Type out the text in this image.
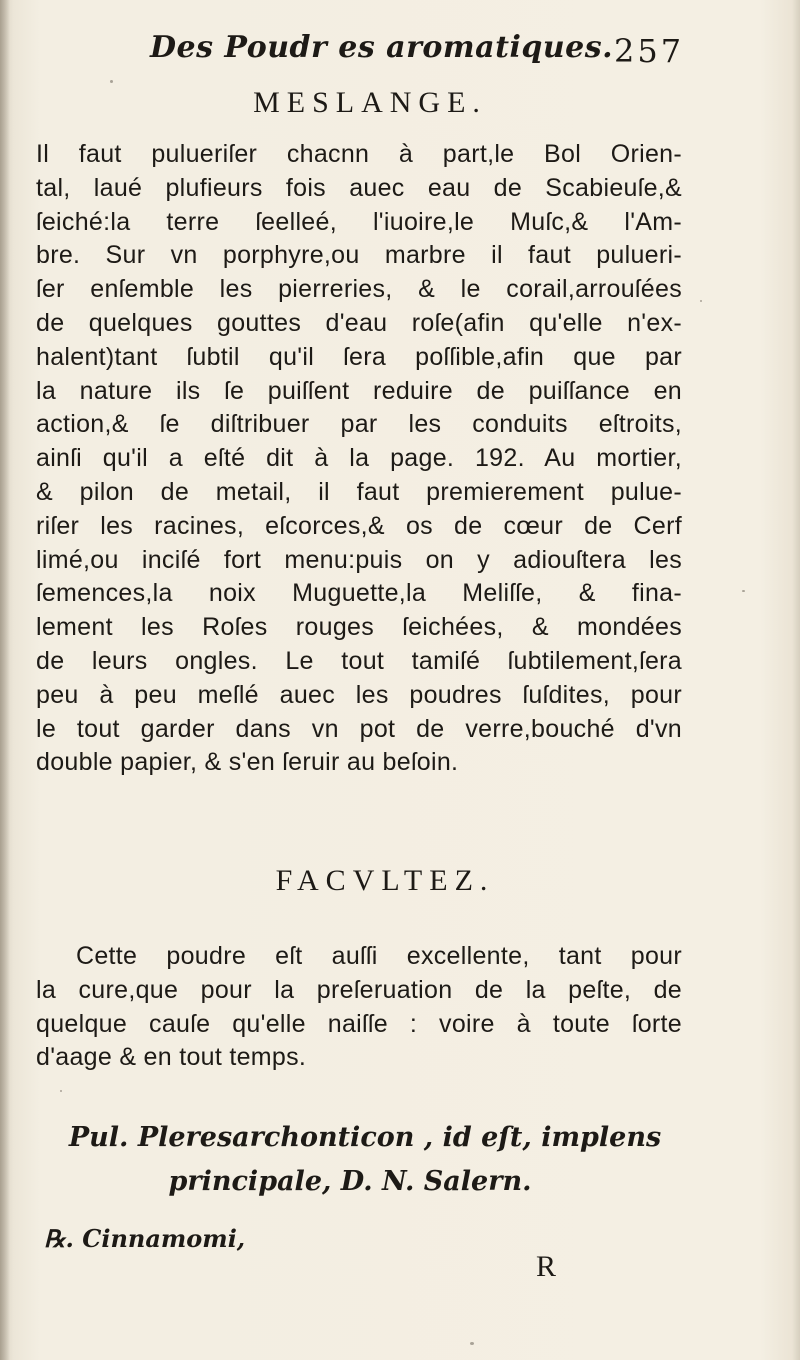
Des Poudr es aromatiques. 257
MESLANGE.
Il faut pulueriſer chacnn à part,le Bol Orien-
tal, laué plufieurs fois auec eau de Scabieuſe,&
ſeiché:la terre ſeelleé, l'iuoire,le Muſc,& l'Am-
bre. Sur vn porphyre,ou marbre il faut pulueri-
ſer enſemble les pierreries, & le corail,arrouſées
de quelques gouttes d'eau roſe(afin qu'elle n'ex-
halent)tant ſubtil qu'il ſera poſſible,afin que par
la nature ils ſe puiſſent reduire de puiſſance en
action,& ſe diſtribuer par les conduits eſtroits,
ainſi qu'il a eſté dit à la page. 192. Au mortier,
& pilon de metail, il faut premierement pulue-
riſer les racines, eſcorces,& os de cœur de Cerf
limé,ou inciſé fort menu:puis on y adiouſtera les
ſemences,la noix Muguette,la Meliſſe, & fina-
lement les Roſes rouges ſeichées, & mondées
de leurs ongles. Le tout tamiſé ſubtilement,ſera
peu à peu meſlé auec les poudres ſuſdites, pour
le tout garder dans vn pot de verre,bouché d'vn
double papier, & s'en ſeruir au beſoin.
FACVLTEZ.
Cette poudre eſt auſſi excellente, tant pour
la cure,que pour la preſeruation de la peſte, de
quelque cauſe qu'elle naiſſe : voire à toute ſorte
d'aage & en tout temps.
Pul. Pleresarchonticon , id eſt, implens
principale, D. N. Salern.
℞. Cinnamomi,
R
